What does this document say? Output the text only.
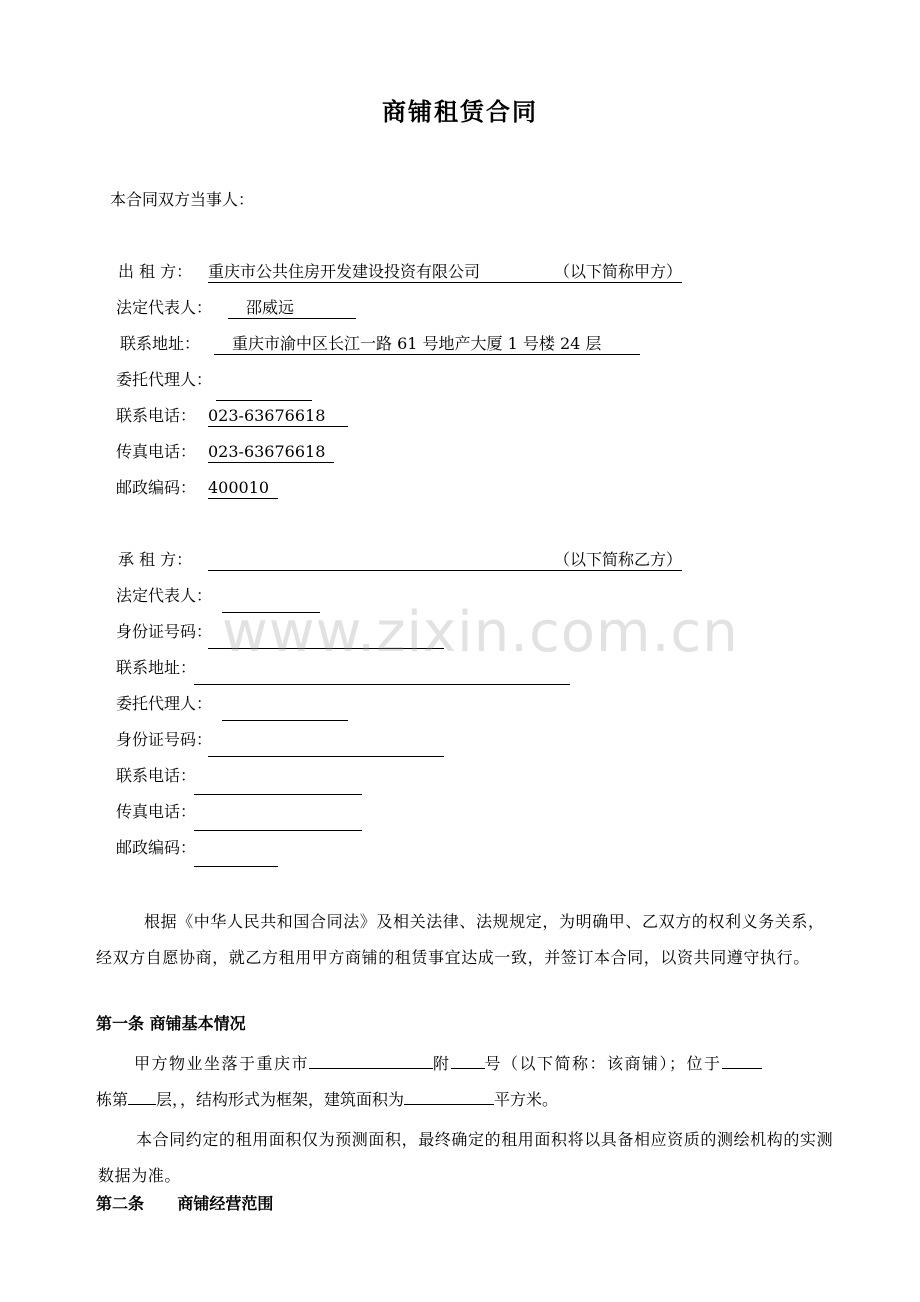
商铺租赁合同
本合同双方当事人：
出 租 方： 重庆市公共住房开发建设投资有限公司	（以下简称甲方）
法定代表人：	邵威远
联系地址：	重庆市渝中区长江一路 61 号地产大厦 1 号楼 24 层
委托代理人：
联系电话： 023-63676618
传真电话： 023-63676618
邮政编码： 400010
承 租 方：	（以下简称乙方）
法定代表人：
身份证号码：
联系地址：
委托代理人：
身份证号码：
联系电话：
传真电话：
邮政编码：
www.zixin.com.cn
根据《中华人民共和国合同法》及相关法律、法规规定，为明确甲、乙双方的权利义务关系，经双方自愿协商，就乙方租用甲方商铺的租赁事宜达成一致，并签订本合同，以资共同遵守执行。
第一条 商铺基本情况
甲方物业坐落于重庆市	附 号（以下简称：该商铺）；位于
栋第 层，，结构形式为框架，建筑面积为	平方米。
本合同约定的租用面积仅为预测面积，最终确定的租用面积将以具备相应资质的测绘机构的实测数据为准。
第二条      商铺经营范围
